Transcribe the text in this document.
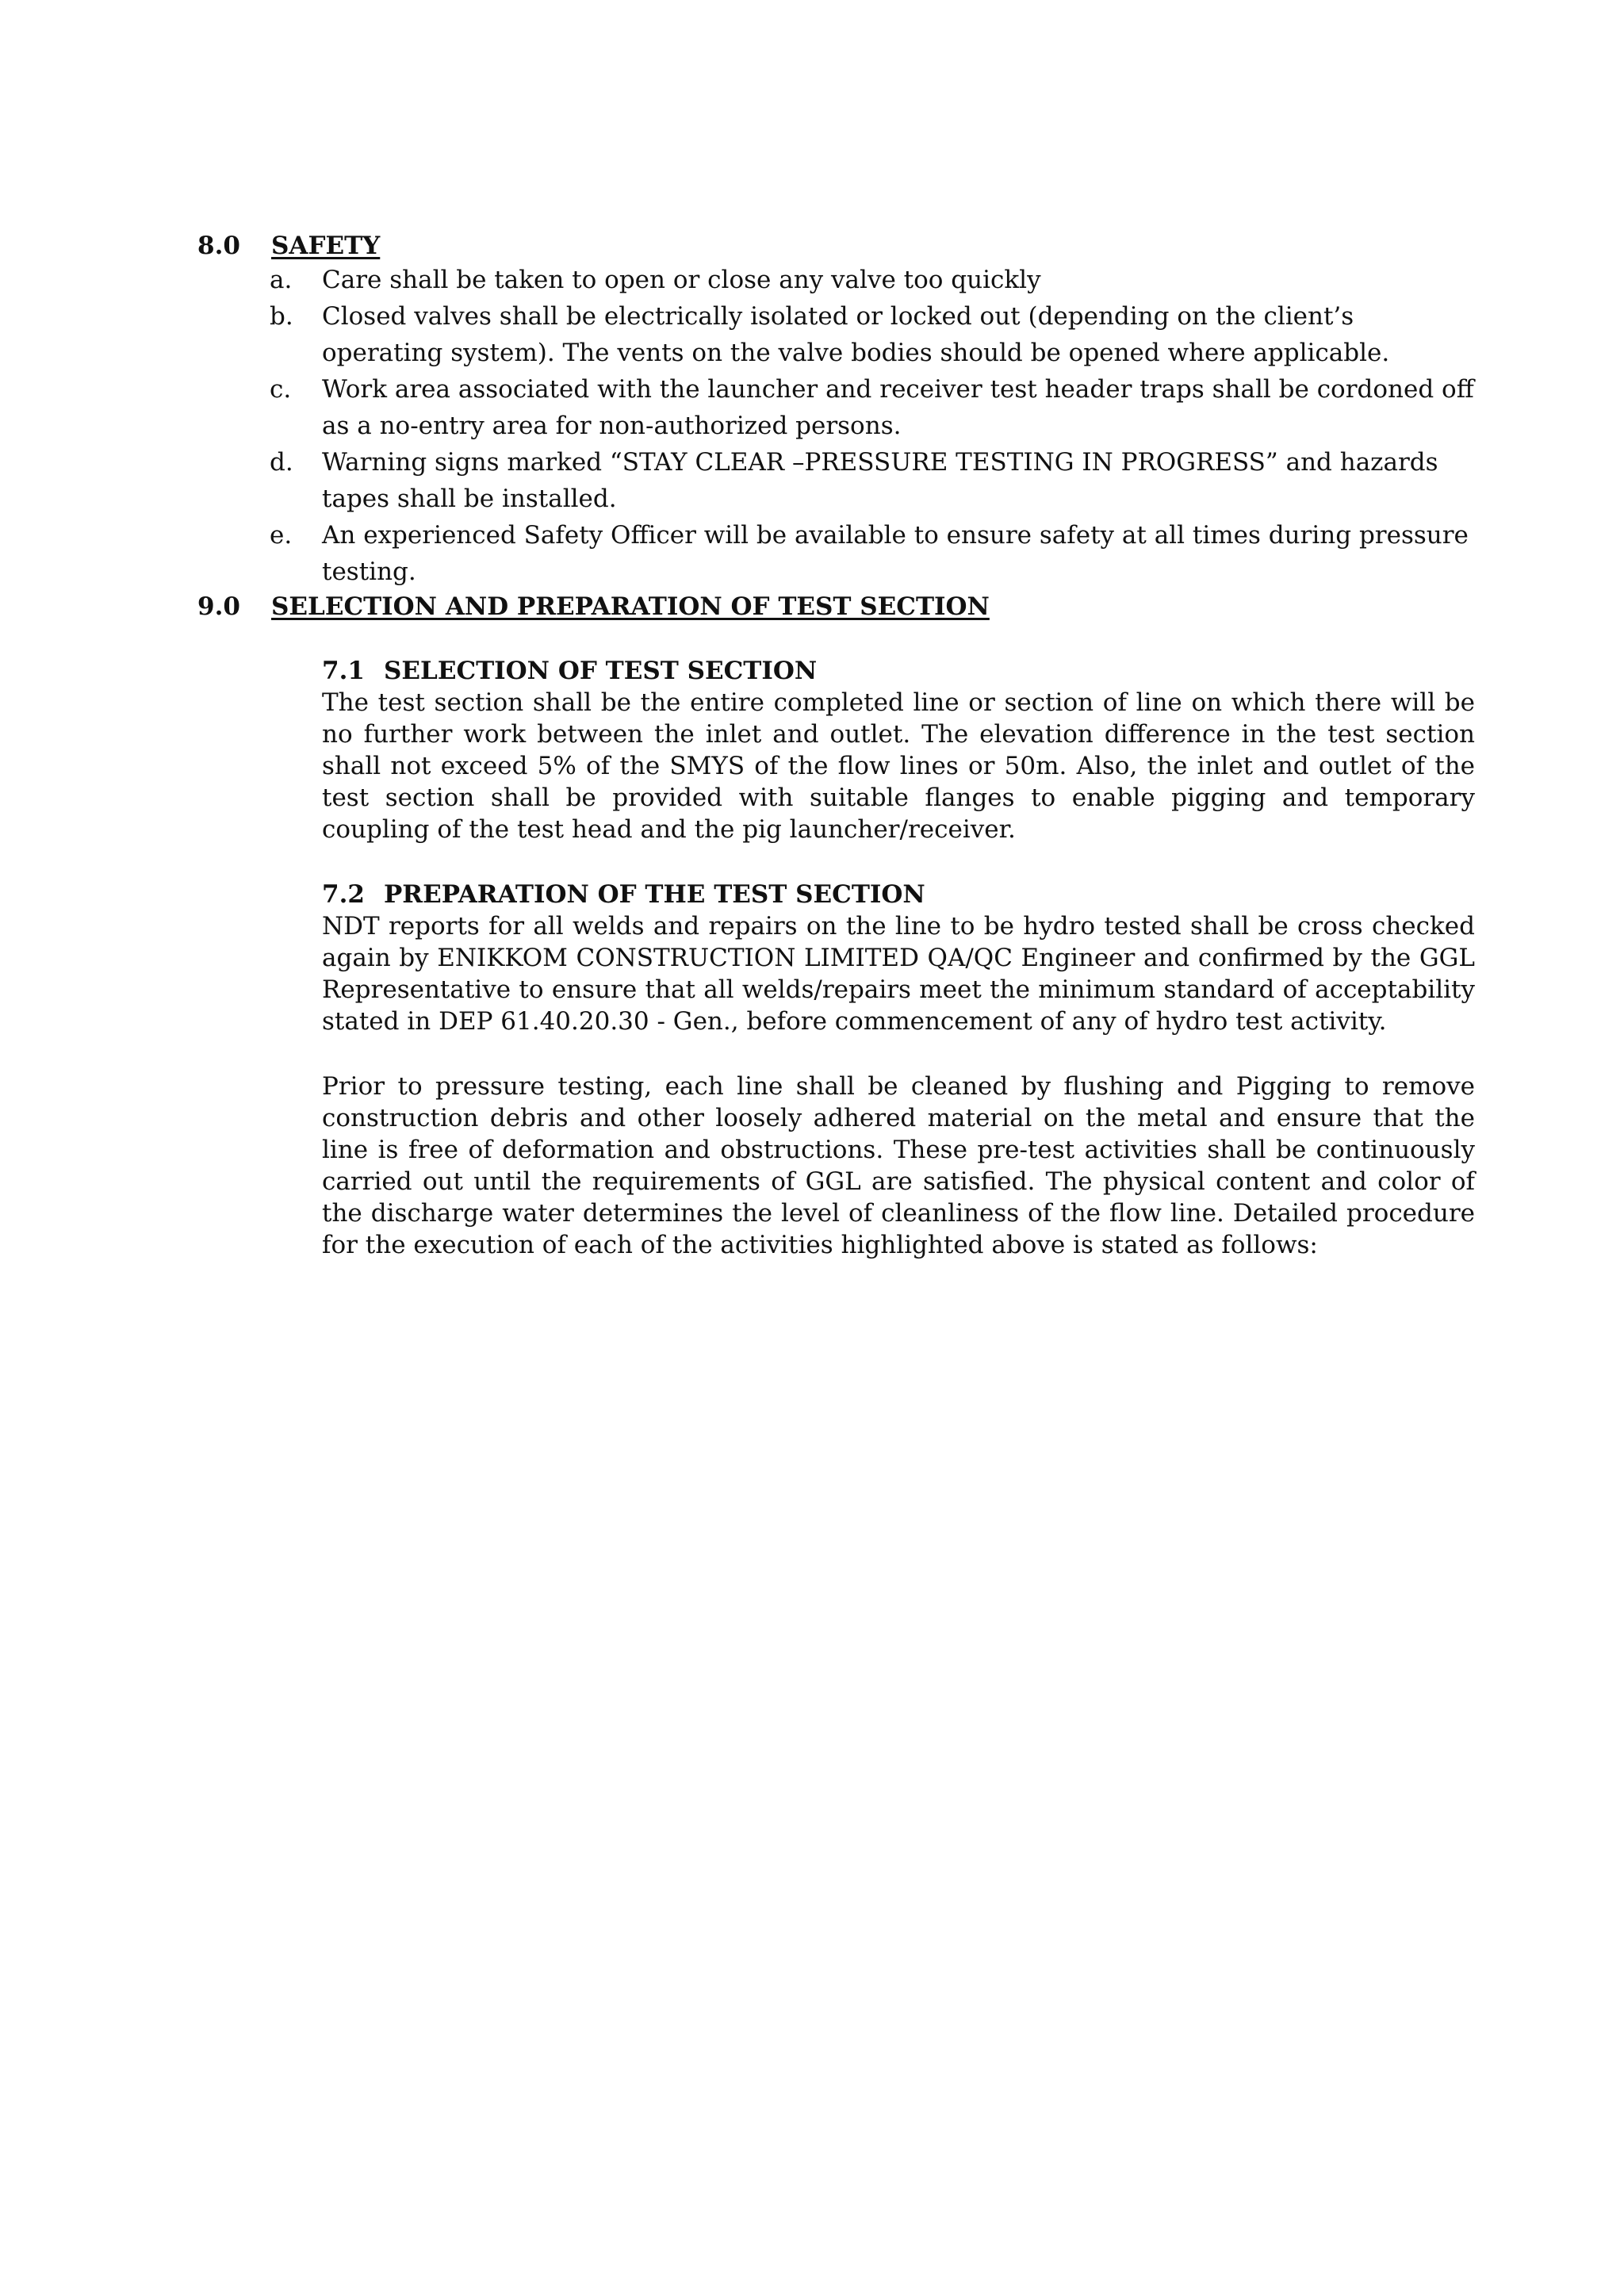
8.0 SAFETY
a. Care shall be taken to open or close any valve too quickly
b. Closed valves shall be electrically isolated or locked out (depending on the client’s operating system). The vents on the valve bodies should be opened where applicable.
c. Work area associated with the launcher and receiver test header traps shall be cordoned off as a no-entry area for non-authorized persons.
d. Warning signs marked “STAY CLEAR –PRESSURE TESTING IN PROGRESS” and hazards tapes shall be installed.
e. An experienced Safety Officer will be available to ensure safety at all times during pressure testing.
9.0 SELECTION AND PREPARATION OF TEST SECTION
7.1 SELECTION OF TEST SECTION

The test section shall be the entire completed line or section of line on which there will be no further work between the inlet and outlet. The elevation difference in the test section shall not exceed 5% of the SMYS of the flow lines or 50m. Also, the inlet and outlet of the test section shall be provided with suitable flanges to enable pigging and temporary coupling of the test head and the pig launcher/receiver.

7.2 PREPARATION OF THE TEST SECTION

NDT reports for all welds and repairs on the line to be hydro tested shall be cross checked again by ENIKKOM CONSTRUCTION LIMITED QA/QC Engineer and confirmed by the GGL Representative to ensure that all welds/repairs meet the minimum standard of acceptability stated in DEP 61.40.20.30 - Gen., before commencement of any of hydro test activity.

Prior to pressure testing, each line shall be cleaned by flushing and Pigging to remove construction debris and other loosely adhered material on the metal and ensure that the line is free of deformation and obstructions. These pre-test activities shall be continuously carried out until the requirements of GGL are satisfied. The physical content and color of the discharge water determines the level of cleanliness of the flow line. Detailed procedure for the execution of each of the activities highlighted above is stated as follows:
